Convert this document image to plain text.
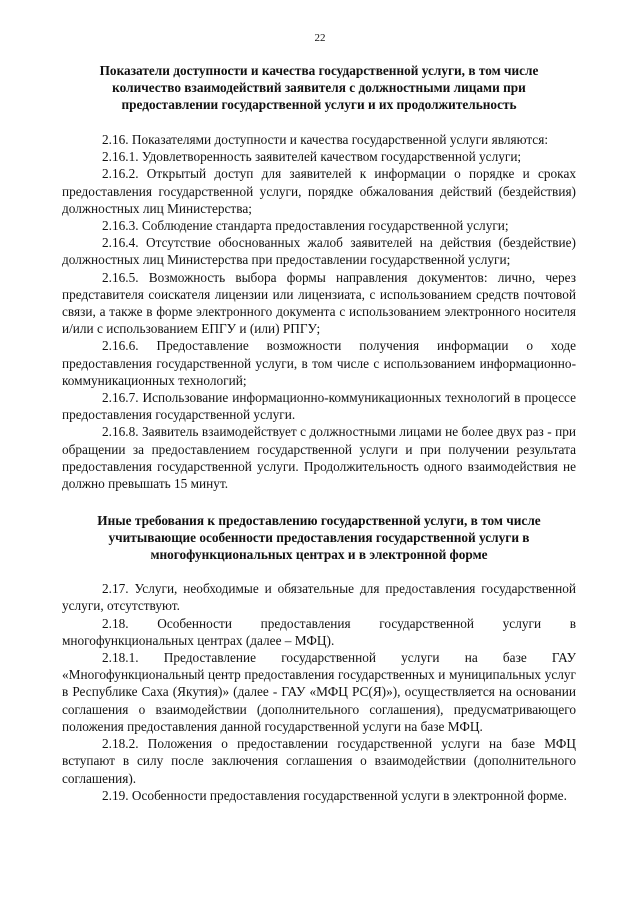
22
Показатели доступности и качества государственной услуги, в том числе количество взаимодействий заявителя с должностными лицами при предоставлении государственной услуги и их продолжительность

2.16. Показателями доступности и качества государственной услуги являются:

2.16.1. Удовлетворенность заявителей качеством государственной услуги;

2.16.2. Открытый доступ для заявителей к информации о порядке и сроках предоставления государственной услуги, порядке обжалования действий (бездействия) должностных лиц Министерства;

2.16.3. Соблюдение стандарта предоставления государственной услуги;

2.16.4. Отсутствие обоснованных жалоб заявителей на действия (бездействие) должностных лиц Министерства при предоставлении государственной услуги;

2.16.5. Возможность выбора формы направления документов: лично, через представителя соискателя лицензии или лицензиата, с использованием средств почтовой связи, а также в форме электронного документа с использованием электронного носителя и/или с использованием ЕПГУ и (или) РПГУ;

2.16.6. Предоставление возможности получения информации о ходе предоставления государственной услуги, в том числе с использованием информационно-коммуникационных технологий;

2.16.7. Использование информационно-коммуникационных технологий в процессе предоставления государственной услуги.

2.16.8. Заявитель взаимодействует с должностными лицами не более двух раз - при обращении за предоставлением государственной услуги и при получении результата предоставления государственной услуги. Продолжительность одного взаимодействия не должно превышать 15 минут.

Иные требования к предоставлению государственной услуги, в том числе учитывающие особенности предоставления государственной услуги в многофункциональных центрах и в электронной форме

2.17. Услуги, необходимые и обязательные для предоставления государственной услуги, отсутствуют.

2.18. Особенности предоставления государственной услуги в многофункциональных центрах (далее – МФЦ).

2.18.1. Предоставление государственной услуги на базе ГАУ «Многофункциональный центр предоставления государственных и муниципальных услуг в Республике Саха (Якутия)» (далее - ГАУ «МФЦ РС(Я)»), осуществляется на основании соглашения о взаимодействии (дополнительного соглашения), предусматривающего положения предоставления данной государственной услуги на базе МФЦ.

2.18.2. Положения о предоставлении государственной услуги на базе МФЦ вступают в силу после заключения соглашения о взаимодействии (дополнительного соглашения).

2.19. Особенности предоставления государственной услуги в электронной форме.
